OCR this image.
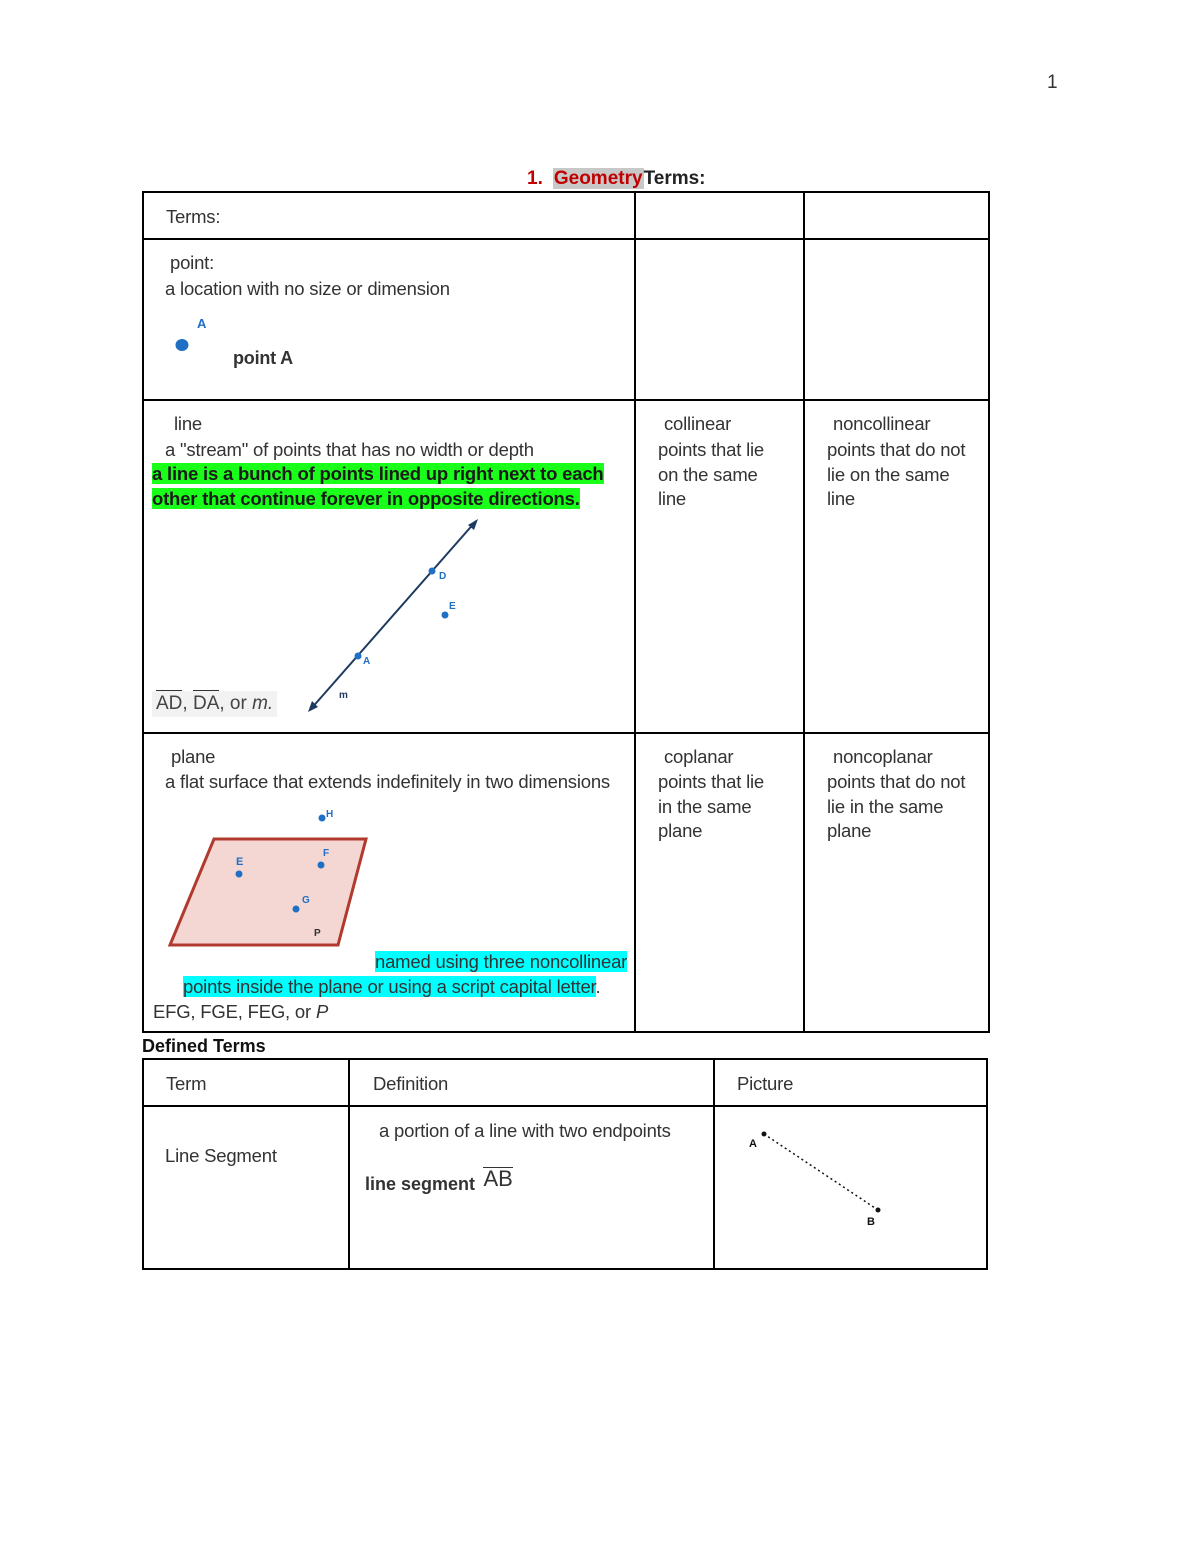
1
1. GeometryTerms:
Terms:
point:
a location with no size or dimension
A
point A
line
a "stream" of points that has no width or depth
a line is a bunch of points lined up right next to each
other that continue forever in opposite directions.
D
E
A
m
AD, DA, or m.
collinear
points that lie on the same line
noncollinear
points that do not lie on the same line
plane
a flat surface that extends indefinitely in two dimensions
H
E
F
G
P
named using three noncollinear
points inside the plane or using a script capital letter.
EFG, FGE, FEG, or P
coplanar
points that lie in the same plane
noncoplanar
points that do not lie in the same plane
Defined Terms
Term	Definition	Picture
Line Segment
a portion of a line with two endpoints
line segment AB
A
B
